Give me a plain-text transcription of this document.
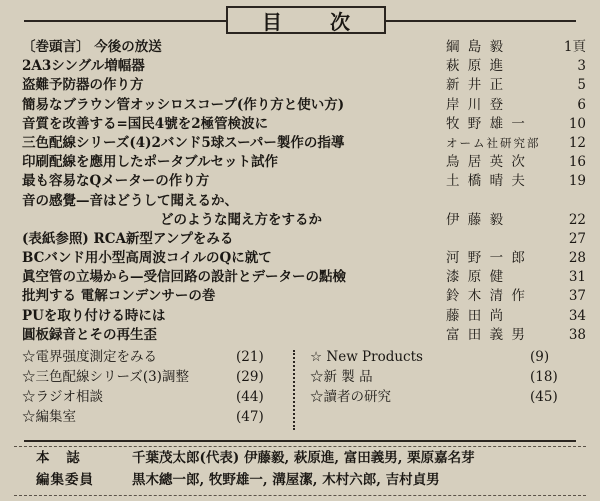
目 次
〔巻頭言〕 今後の放送	綱 島 毅	1頁
2A3シングル増幅器	萩 原 進	3
盗難予防器の作り方	新 井 正	5
簡易なブラウン管オッシロスコープ(作り方と使い方)	岸 川 登	6
音質を改善する=国民4號を2極管検波に	牧 野 雄 一	10
三色配線シリーズ(4)2バンド5球スーパー製作の指導	オーム社研究部	12
印刷配線を應用したポータブルセット試作	鳥 居 英 次	16
最も容易なQメーターの作り方	土 橋 晴 夫	19
音の感覺—音はどうして聞えるか、
どのような聞え方をするか	伊 藤 毅	22
(表紙参照) RCA新型アンプをみる	27
BCバンド用小型高周波コイルのQに就て	河 野 一 郎	28
眞空管の立場から—受信回路の設計とデーターの點檢	漆 原 健	31
批判する 電解コンデンサーの巻	鈴 木 清 作	37
PUを取り付ける時には	藤 田 尚	34
圓板録音とその再生歪	富 田 義 男	38
☆電界强度測定をみる	(21)	☆ New Products	(9)
☆三色配線シリーズ(3)調整	(29)	☆新 製 品	(18)
☆ラジオ相談	(44)	☆讀者の研究	(45)
☆編集室	(47)
本 誌	千葉茂太郎(代表) 伊藤毅, 萩原進, 富田義男, 栗原嘉名芽
編集委員	黒木總一郎, 牧野雄一, 溝屋潔, 木村六郎, 吉村貞男
